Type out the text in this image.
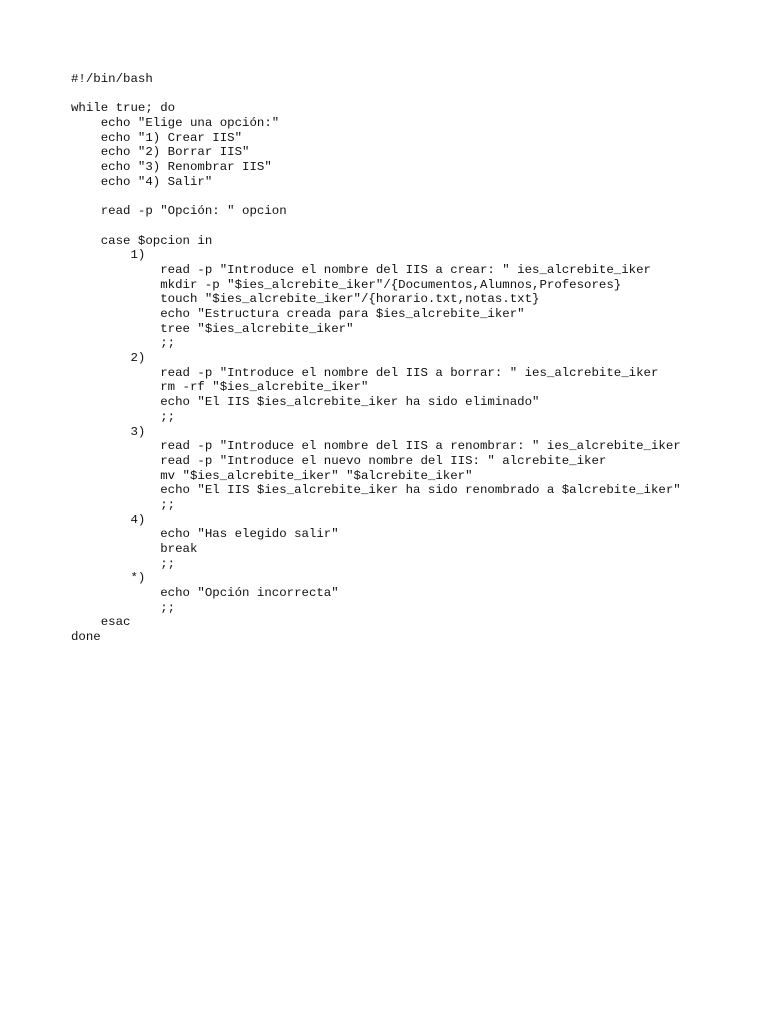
#!/bin/bash
while true; do
echo "Elige una opción:"
echo "1) Crear IIS"
echo "2) Borrar IIS"
echo "3) Renombrar IIS"
echo "4) Salir"
read -p "Opción: " opcion
case $opcion in
1)
read -p "Introduce el nombre del IIS a crear: " ies_alcrebite_iker
mkdir -p "$ies_alcrebite_iker"/{Documentos,Alumnos,Profesores}
touch "$ies_alcrebite_iker"/{horario.txt,notas.txt}
echo "Estructura creada para $ies_alcrebite_iker"
tree "$ies_alcrebite_iker"
;;
2)
read -p "Introduce el nombre del IIS a borrar: " ies_alcrebite_iker
rm -rf "$ies_alcrebite_iker"
echo "El IIS $ies_alcrebite_iker ha sido eliminado"
;;
3)
read -p "Introduce el nombre del IIS a renombrar: " ies_alcrebite_iker
read -p "Introduce el nuevo nombre del IIS: " alcrebite_iker
mv "$ies_alcrebite_iker" "$alcrebite_iker"
echo "El IIS $ies_alcrebite_iker ha sido renombrado a $alcrebite_iker"
;;
4)
echo "Has elegido salir"
break
;;
*)
echo "Opción incorrecta"
;;
esac
done
